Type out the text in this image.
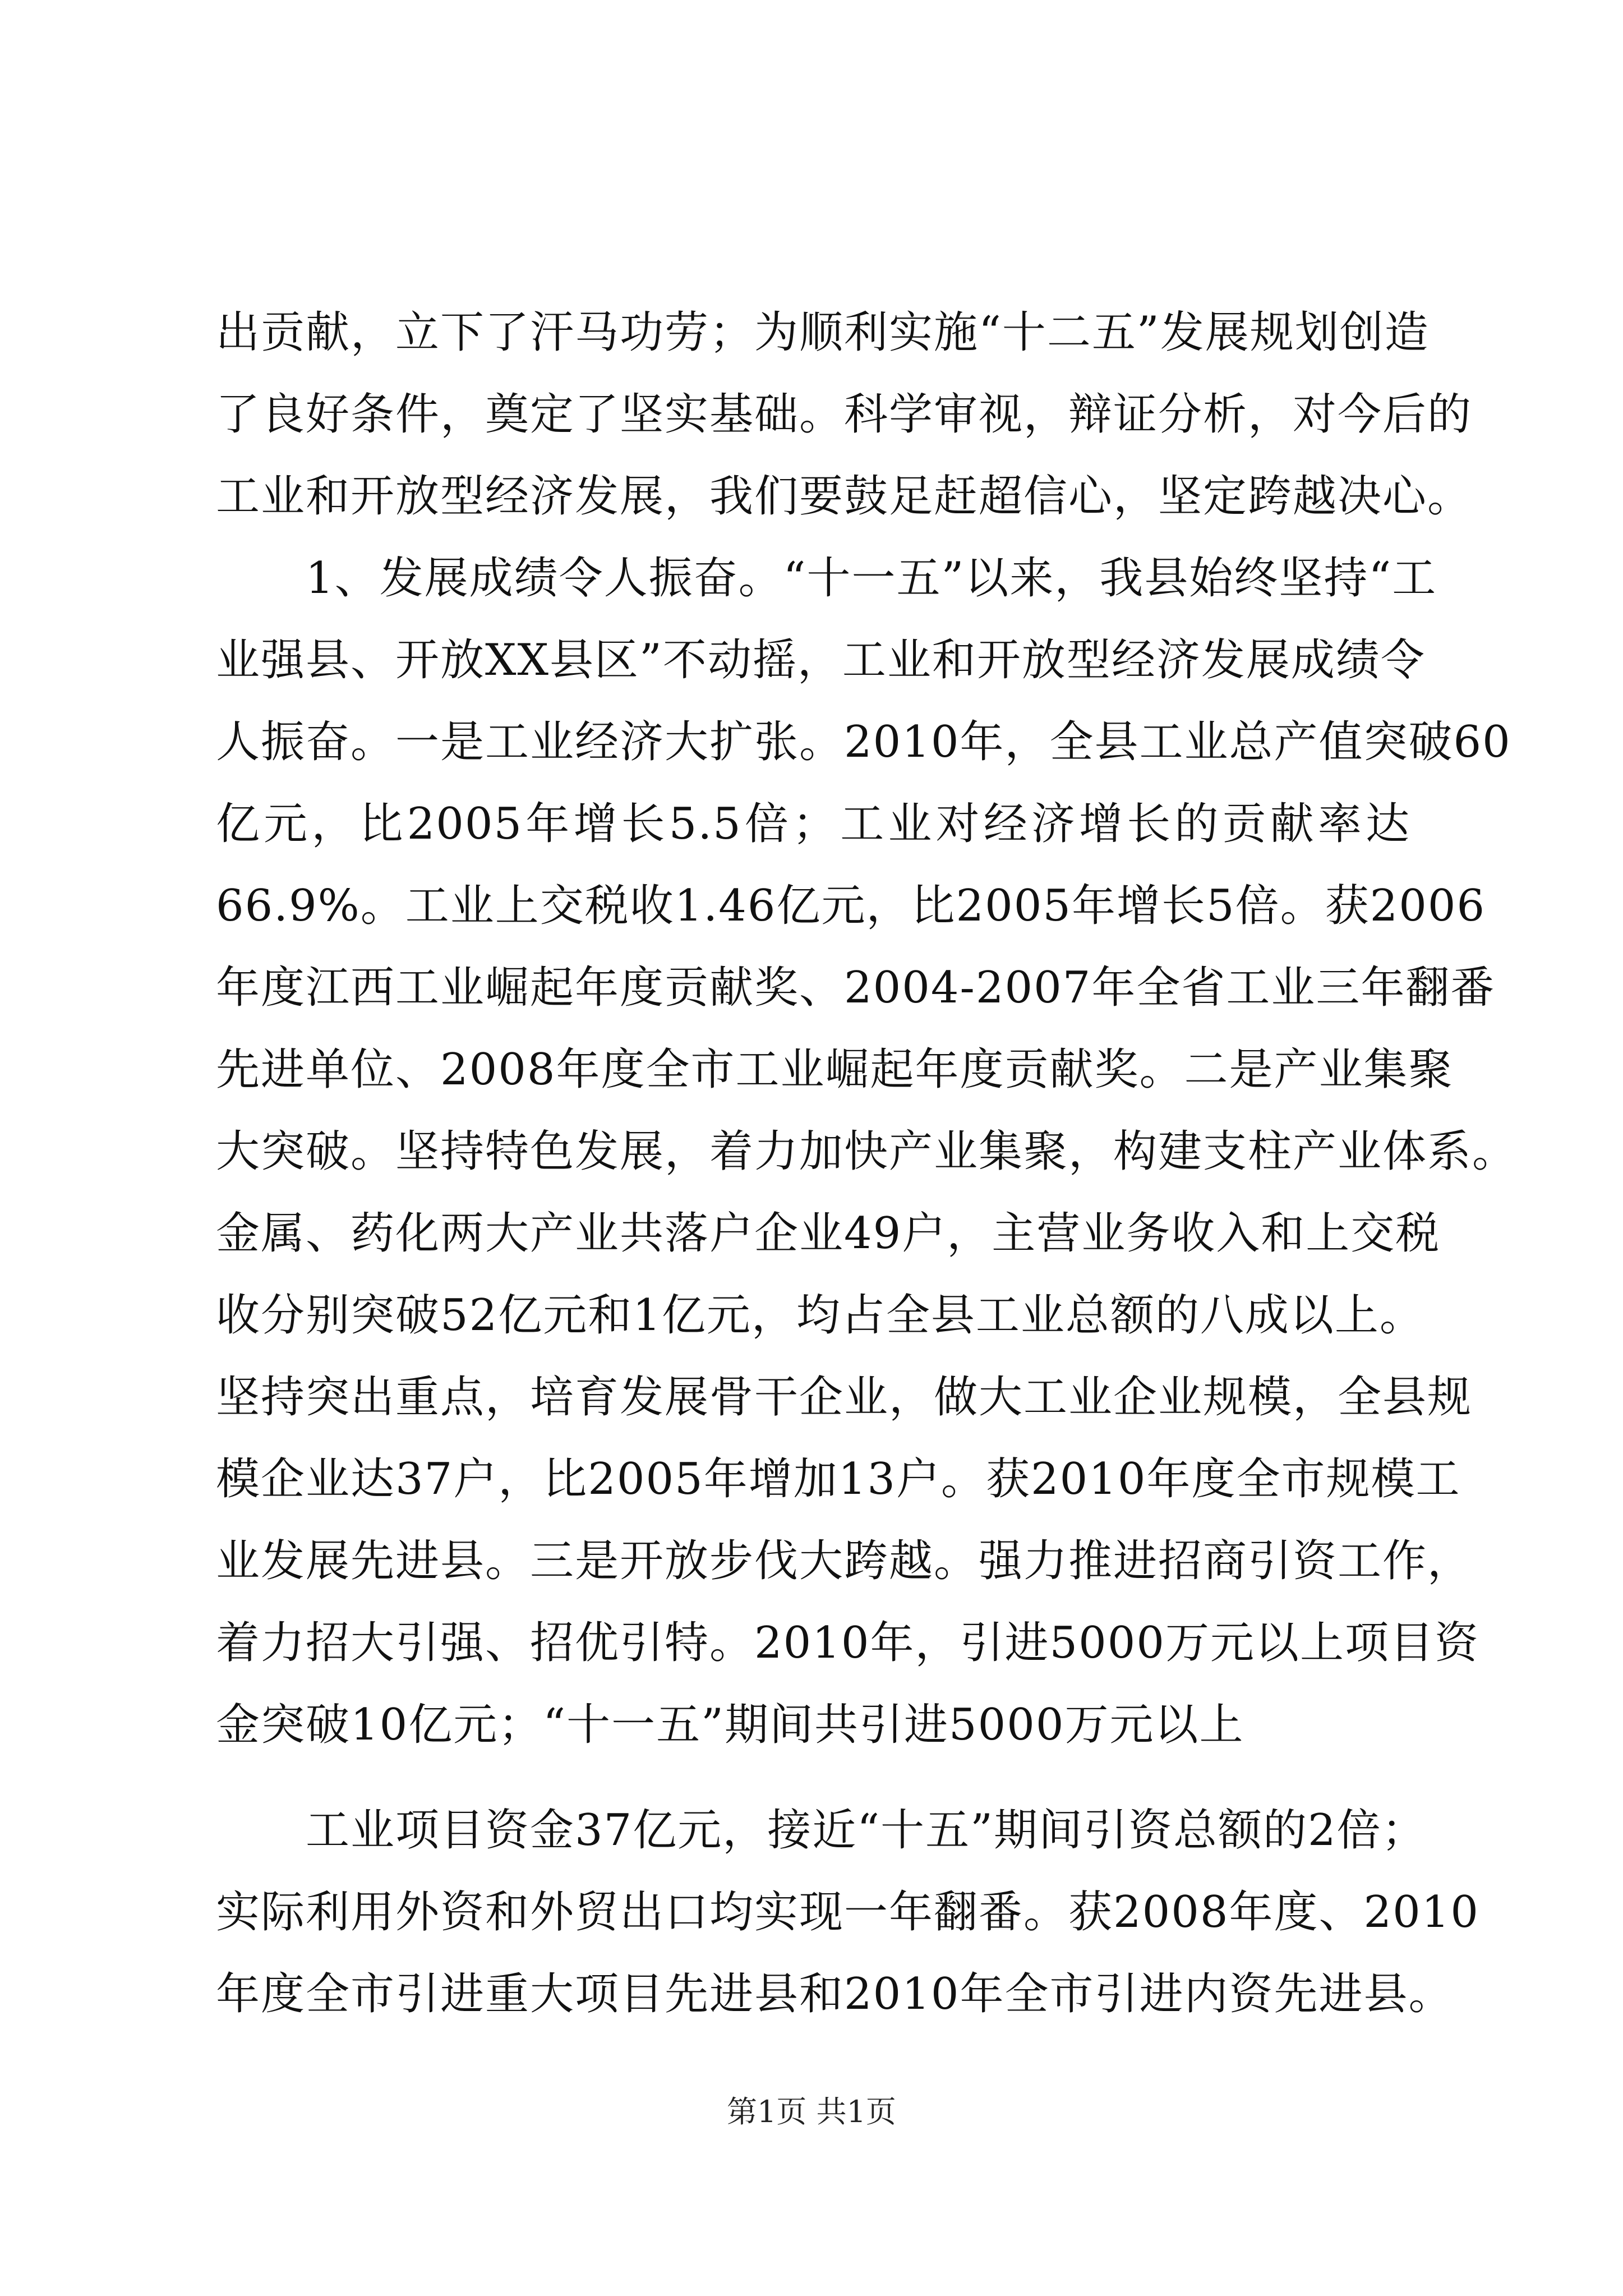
出贡献，立下了汗马功劳；为顺利实施“十二五”发展规划创造
了良好条件，奠定了坚实基础。科学审视，辩证分析，对今后的
工业和开放型经济发展，我们要鼓足赶超信心，坚定跨越决心。
1、发展成绩令人振奋。“十一五”以来，我县始终坚持“工
业强县、开放XX县区”不动摇，工业和开放型经济发展成绩令
人振奋。一是工业经济大扩张。2010年，全县工业总产值突破60
亿元，比2005年增长5.5倍；工业对经济增长的贡献率达
66.9%。工业上交税收1.46亿元，比2005年增长5倍。获2006
年度江西工业崛起年度贡献奖、2004-2007年全省工业三年翻番
先进单位、2008年度全市工业崛起年度贡献奖。二是产业集聚
大突破。坚持特色发展，着力加快产业集聚，构建支柱产业体系。
金属、药化两大产业共落户企业49户，主营业务收入和上交税
收分别突破52亿元和1亿元，均占全县工业总额的八成以上。
坚持突出重点，培育发展骨干企业，做大工业企业规模，全县规
模企业达37户，比2005年增加13户。获2010年度全市规模工
业发展先进县。三是开放步伐大跨越。强力推进招商引资工作，
着力招大引强、招优引特。2010年，引进5000万元以上项目资
金突破10亿元；“十一五”期间共引进5000万元以上
工业项目资金37亿元，接近“十五”期间引资总额的2倍；
实际利用外资和外贸出口均实现一年翻番。获2008年度、2010
年度全市引进重大项目先进县和2010年全市引进内资先进县。
第1页 共1页
